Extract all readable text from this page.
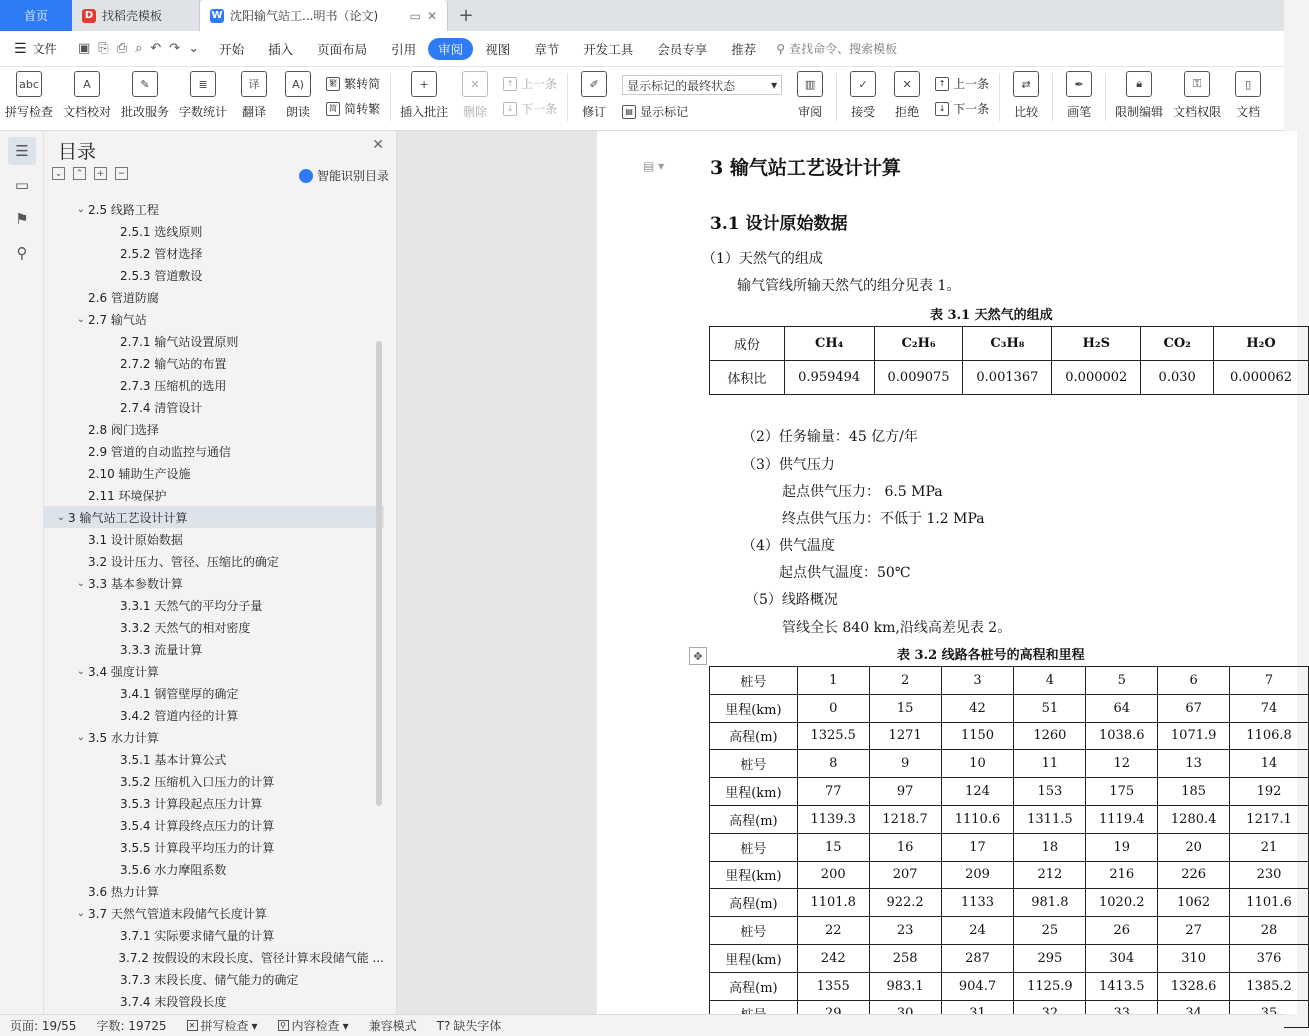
首页	D 找稻壳模板	W 沈阳输气站工...明书（论文)	▭ ✕	+
☰ 文件 ▣ ⎘ ⎙ ⌕ ↶ ↷ ⌄	开始	插入	页面布局	引用	审阅	视图	章节	开发工具	会员专享	推荐	⚲ 查找命令、搜索模板
abc
拼写检查
A
文档校对
✎
批改服务
≣
字数统计
译
翻译
A)
朗读
繁 繁转简
简 简转繁
+
插入批注
✕
删除
↑ 上一条
↓ 下一条
✐
修订
显示标记的最终状态	▾
▤ 显示标记
▥
审阅
✓
接受
✕
拒绝
↑ 上一条
↓ 下一条
⇄
比较
✒
画笔
🔒︎
限制编辑
⚿
文档权限
▯
文档
☰
▭
⚑
⚲
目录	✕
⌄	⌃	+	−	智能识别目录
⌄ 2.5 线路工程
2.5.1 选线原则
2.5.2 管材选择
2.5.3 管道敷设
2.6 管道防腐
⌄ 2.7 输气站
2.7.1 输气站设置原则
2.7.2 输气站的布置
2.7.3 压缩机的选用
2.7.4 清管设计
2.8 阀门选择
2.9 管道的自动监控与通信
2.10 辅助生产设施
2.11 环境保护
⌄ 3 输气站工艺设计计算
3.1 设计原始数据
3.2 设计压力、管径、压缩比的确定
⌄ 3.3 基本参数计算
3.3.1 天然气的平均分子量
3.3.2 天然气的相对密度
3.3.3 流量计算
⌄ 3.4 强度计算
3.4.1 钢管壁厚的确定
3.4.2 管道内径的计算
⌄ 3.5 水力计算
3.5.1 基本计算公式
3.5.2 压缩机入口压力的计算
3.5.3 计算段起点压力计算
3.5.4 计算段终点压力的计算
3.5.5 计算段平均压力的计算
3.5.6 水力摩阻系数
3.6 热力计算
⌄ 3.7 天然气管道末段储气长度计算
3.7.1 实际要求储气量的计算
3.7.2 按假设的末段长度、管径计算末段储气能 ...
3.7.3 末段长度、储气能力的确定
3.7.4 末段管段长度
▤ ▾ 3 输气站工艺设计计算
3.1 设计原始数据
（1）天然气的组成
输气管线所输天然气的组分见表 1。
表 3.1 天然气的组成
成份	CH₄	C₂H₆	C₃H₈	H₂S	CO₂	H₂O
体积比	0.959494	0.009075	0.001367	0.000002	0.030	0.000062
（2）任务输量：45 亿方/年
（3）供气压力
起点供气压力： 6.5 MPa
终点供气压力：不低于 1.2 MPa
（4）供气温度
起点供气温度：50℃
（5）线路概况
管线全长 840 km,沿线高差见表 2。
✥	表 3.2 线路各桩号的高程和里程
桩号	1	2	3	4	5	6	7
里程(km)	0	15	42	51	64	67	74
高程(m)	1325.5	1271	1150	1260	1038.6	1071.9	1106.8
桩号	8	9	10	11	12	13	14
里程(km)	77	97	124	153	175	185	192
高程(m)	1139.3	1218.7	1110.6	1311.5	1119.4	1280.4	1217.1
桩号	15	16	17	18	19	20	21
里程(km)	200	207	209	212	216	226	230
高程(m)	1101.8	922.2	1133	981.8	1020.2	1062	1101.6
桩号	22	23	24	25	26	27	28
里程(km)	242	258	287	295	304	310	376
高程(m)	1355	983.1	904.7	1125.9	1413.5	1328.6	1385.2

页面: 19/55	字数: 19725	✕ 拼写检查 ▾	⚲ 内容检查 ▾	兼容模式	T? 缺失字体
